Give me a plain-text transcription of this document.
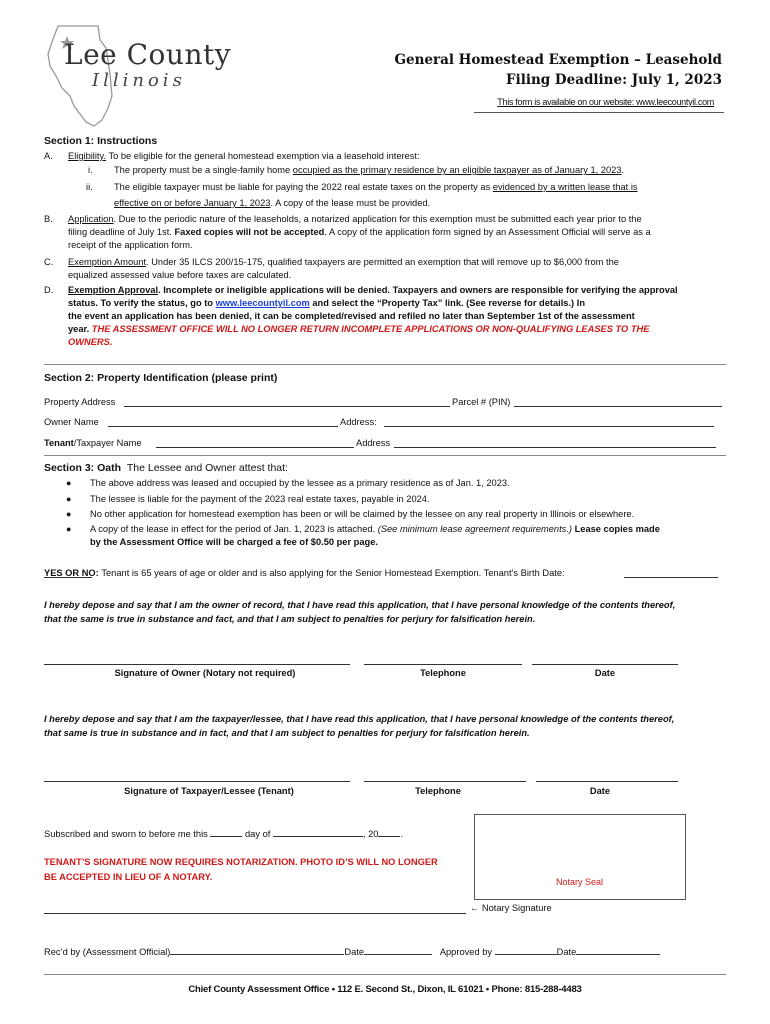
Lee County
Illinois
General Homestead Exemption – Leasehold
Filing Deadline: July 1, 2023
This form is available on our website: www.leecountyil.com
Section 1: Instructions
A. Eligibility. To be eligible for the general homestead exemption via a leasehold interest:
i. The property must be a single-family home occupied as the primary residence by an eligible taxpayer as of January 1, 2023.
ii. The eligible taxpayer must be liable for paying the 2022 real estate taxes on the property as evidenced by a written lease that is
effective on or before January 1, 2023. A copy of the lease must be provided.
B. Application. Due to the periodic nature of the leaseholds, a notarized application for this exemption must be submitted each year prior to the
filing deadline of July 1st. Faxed copies will not be accepted. A copy of the application form signed by an Assessment Official will serve as a
receipt of the application form.
C. Exemption Amount. Under 35 ILCS 200/15-175, qualified taxpayers are permitted an exemption that will remove up to $6,000 from the
equalized assessed value before taxes are calculated.
D. Exemption Approval. Incomplete or ineligible applications will be denied. Taxpayers and owners are responsible for verifying the approval
status. To verify the status, go to www.leecountyil.com and select the “Property Tax” link. (See reverse for details.) In
the event an application has been denied, it can be completed/revised and refiled no later than September 1st of the assessment
year. THE ASSESSMENT OFFICE WILL NO LONGER RETURN INCOMPLETE APPLICATIONS OR NON-QUALIFYING LEASES TO THE
OWNERS.
Section 2: Property Identification (please print)
Property Address	Parcel # (PIN)
Owner Name	Address:
Tenant/Taxpayer Name	Address
Section 3: Oath The Lessee and Owner attest that:
● The above address was leased and occupied by the lessee as a primary residence as of Jan. 1, 2023.
● The lessee is liable for the payment of the 2023 real estate taxes, payable in 2024.
● No other application for homestead exemption has been or will be claimed by the lessee on any real property in Illinois or elsewhere.
● A copy of the lease in effect for the period of Jan. 1, 2023 is attached. (See minimum lease agreement requirements.) Lease copies made
by the Assessment Office will be charged a fee of $0.50 per page.
YES OR NO: Tenant is 65 years of age or older and is also applying for the Senior Homestead Exemption. Tenant’s Birth Date:
I hereby depose and say that I am the owner of record, that I have read this application, that I have personal knowledge of the contents thereof,
that the same is true in substance and fact, and that I am subject to penalties for perjury for falsification herein.
Signature of Owner (Notary not required)	Telephone	Date
I hereby depose and say that I am the taxpayer/lessee, that I have read this application, that I have personal knowledge of the contents thereof,
that same is true in substance and in fact, and that I am subject to penalties for perjury for falsification herein.
Signature of Taxpayer/Lessee (Tenant)	Telephone	Date
Subscribed and sworn to before me this	day of	, 20 .
TENANT’S SIGNATURE NOW REQUIRES NOTARIZATION. PHOTO ID’S WILL NO LONGER
BE ACCEPTED IN LIEU OF A NOTARY.	Notary Seal
← Notary Signature
Rec’d by (Assessment Official)	Date	Approved by	Date
Chief County Assessment Office • 112 E. Second St., Dixon, IL 61021 • Phone: 815-288-4483
